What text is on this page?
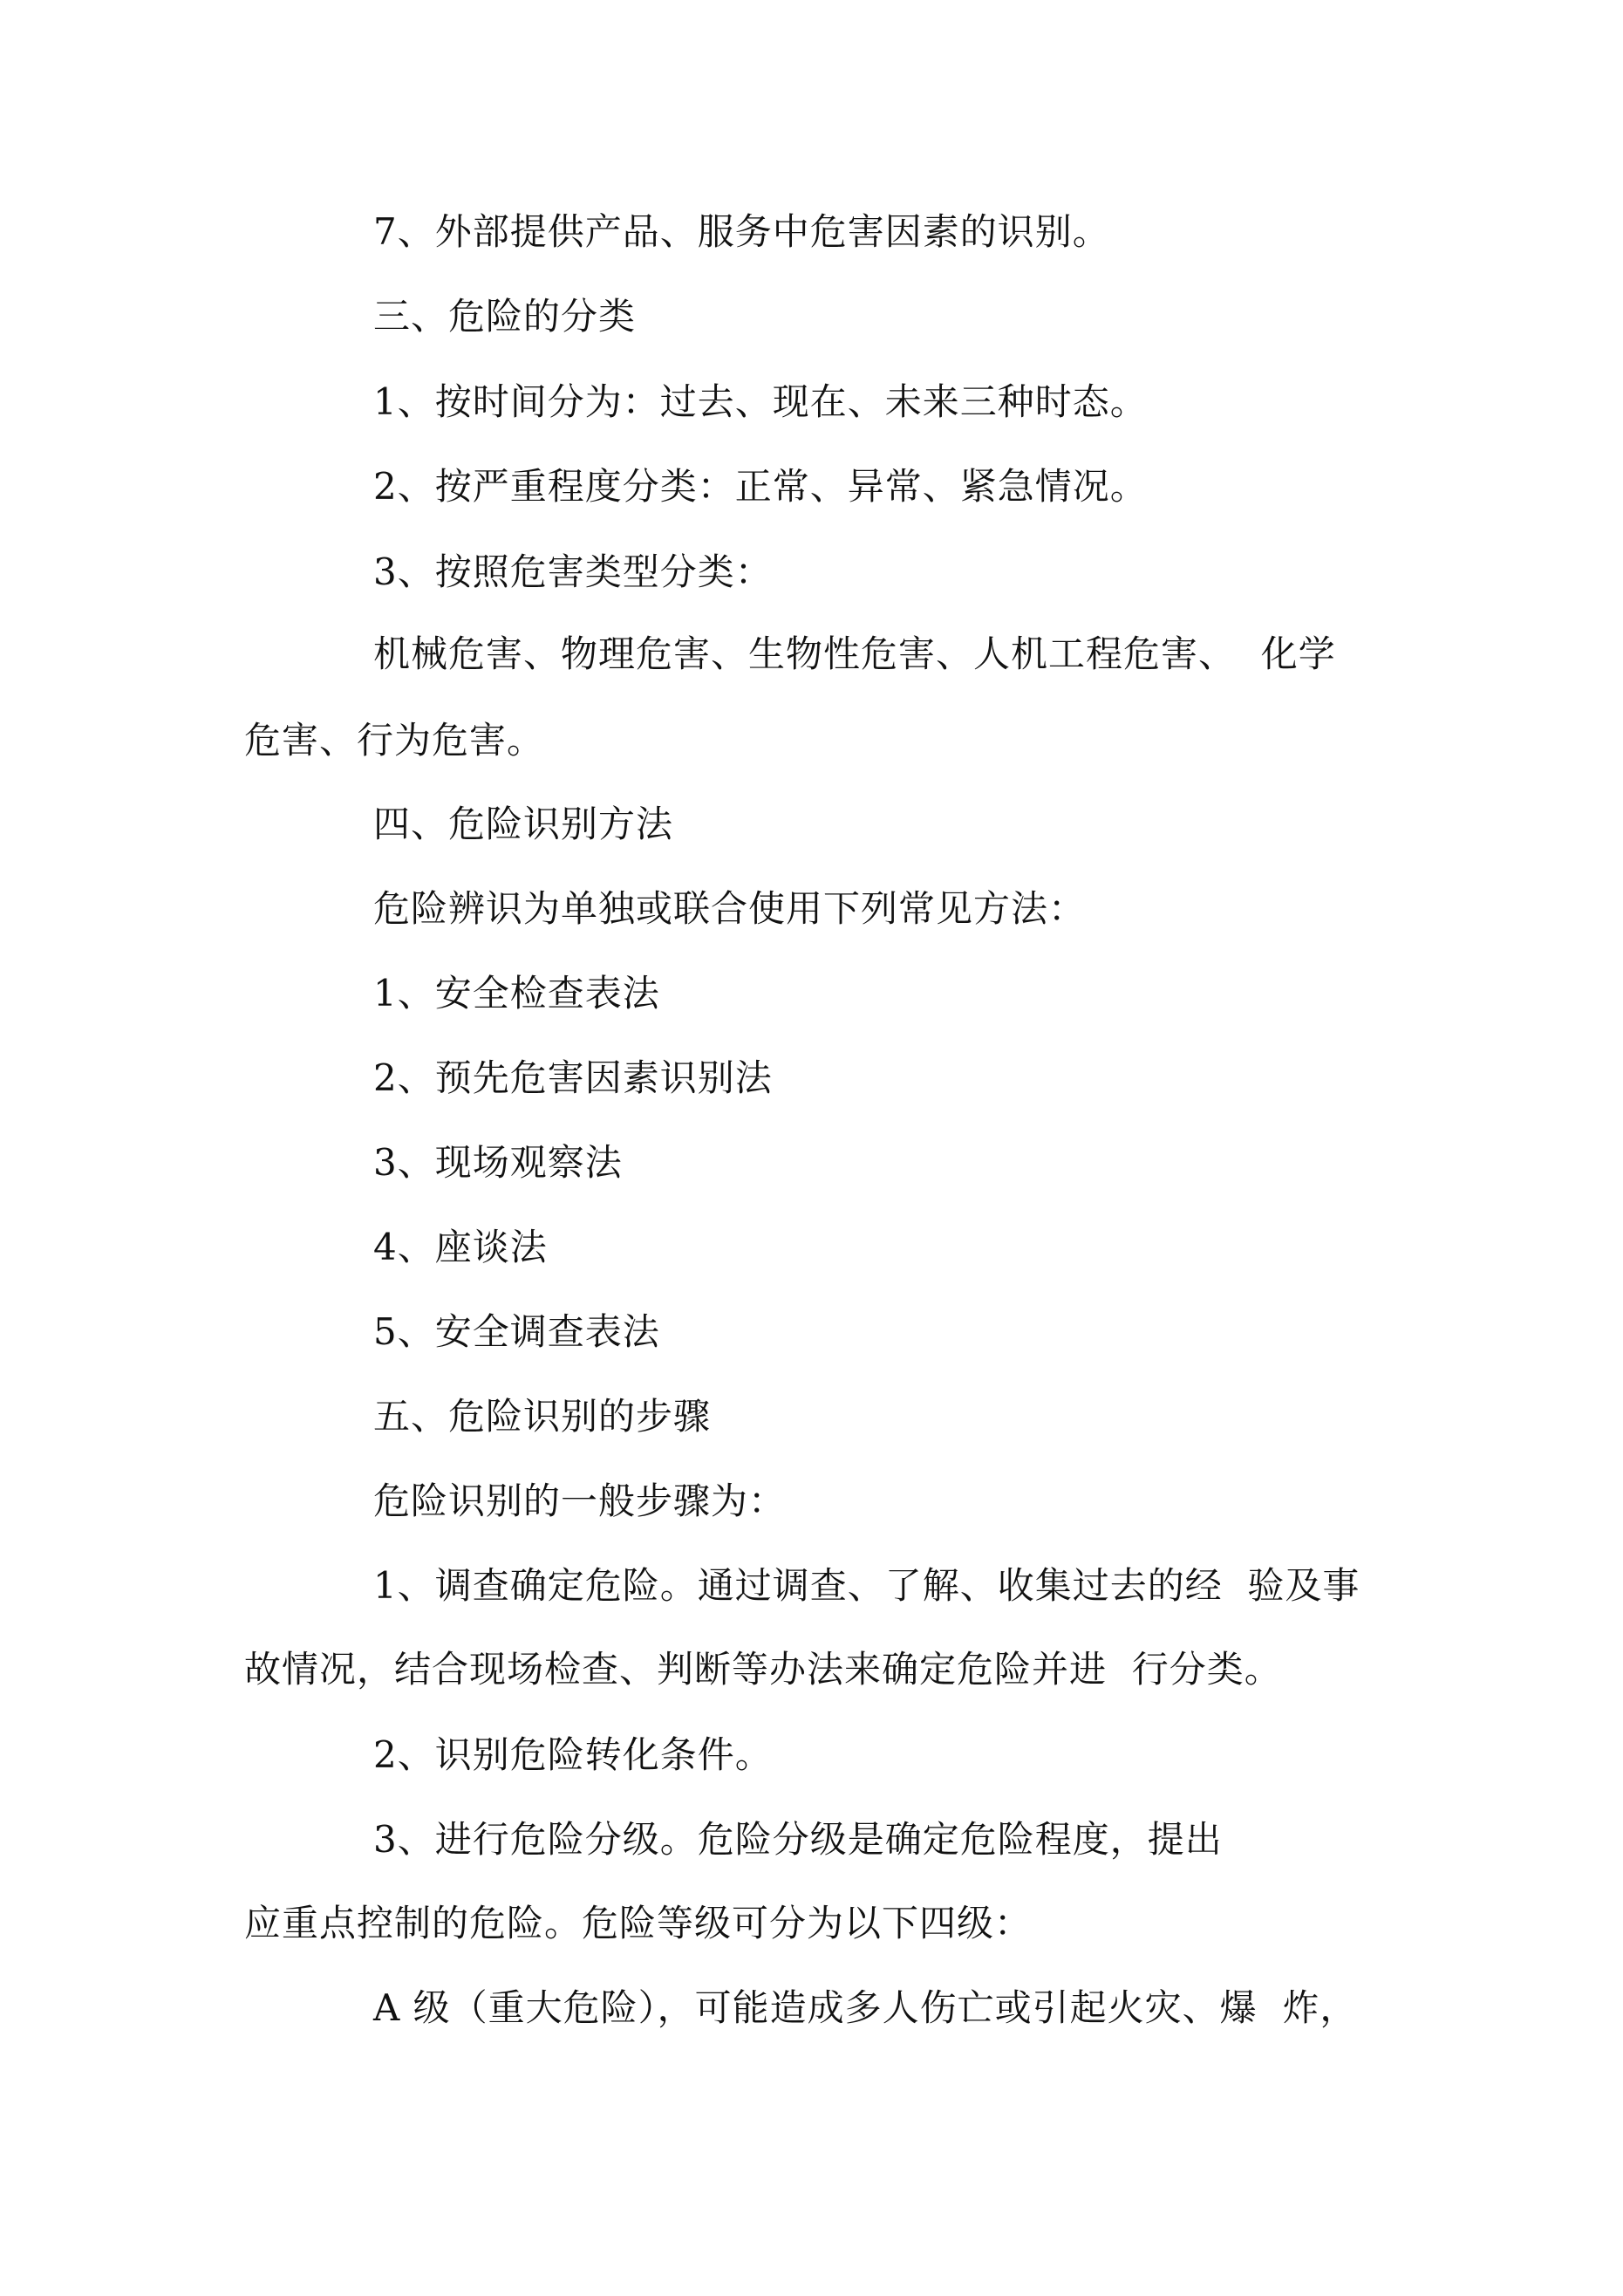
7、外部提供产品、服务中危害因素的识别。
三、危险的分类
1、按时间分为：过去、现在、未来三种时态。
2、按严重程度分类：正常、异常、紧急情况。
3、按照危害类型分类：
机械危害、物理危害、生物性危害、人机工程危害、  化学
危害、行为危害。
四、危险识别方法
危险辨识为单独或联合使用下列常见方法：
1、安全检查表法
2、预先危害因素识别法
3、现场观察法
4、座谈法
5、安全调查表法
五、危险识别的步骤
危险识别的一般步骤为：
1、调查确定危险。通过调查、了解、收集过去的经  验及事
故情况，结合现场检查、判断等办法来确定危险并进  行分类。
2、识别危险转化条件。
3、进行危险分级。危险分级是确定危险程度，提出
应重点控制的危险。危险等级可分为以下四级：
A 级（重大危险），可能造成多人伤亡或引起火灾、爆  炸，
